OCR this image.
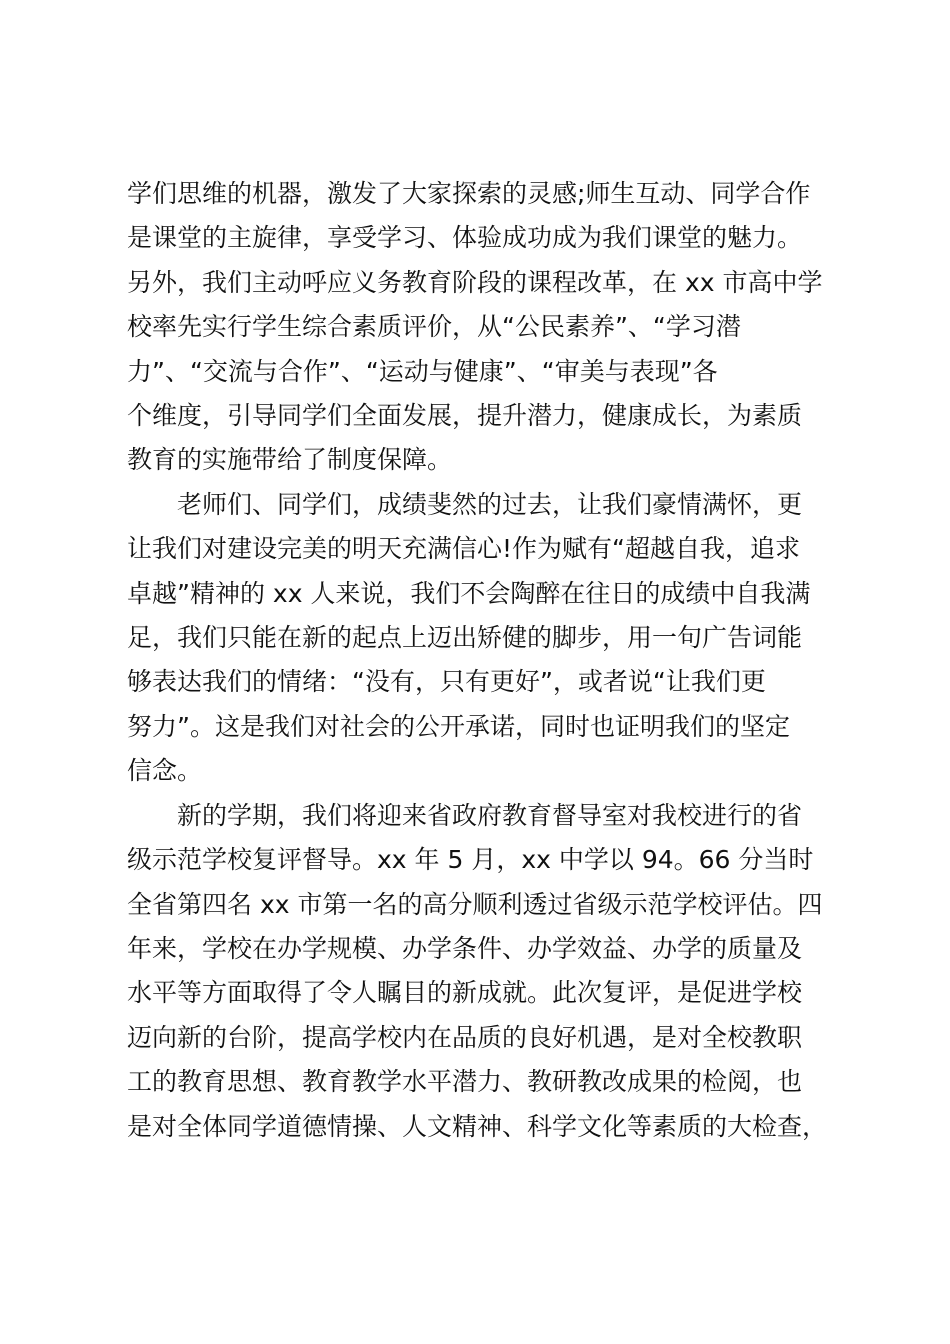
学们思维的机器，激发了大家探索的灵感;师生互动、同学合作
是课堂的主旋律，享受学习、体验成功成为我们课堂的魅力。
另外，我们主动呼应义务教育阶段的课程改革，在 xx 市高中学
校率先实行学生综合素质评价，从“公民素养”、“学习潜
力”、“交流与合作”、“运动与健康”、“审美与表现”各
个维度，引导同学们全面发展，提升潜力，健康成长，为素质
教育的实施带给了制度保障。
老师们、同学们，成绩斐然的过去，让我们豪情满怀，更
让我们对建设完美的明天充满信心!作为赋有“超越自我，追求
卓越”精神的 xx 人来说，我们不会陶醉在往日的成绩中自我满
足，我们只能在新的起点上迈出矫健的脚步，用一句广告词能
够表达我们的情绪：“没有，只有更好”，或者说“让我们更
努力”。这是我们对社会的公开承诺，同时也证明我们的坚定
信念。
新的学期，我们将迎来省政府教育督导室对我校进行的省
级示范学校复评督导。xx 年 5 月，xx 中学以 94。66 分当时
全省第四名 xx 市第一名的高分顺利透过省级示范学校评估。四
年来，学校在办学规模、办学条件、办学效益、办学的质量及
水平等方面取得了令人瞩目的新成就。此次复评，是促进学校
迈向新的台阶，提高学校内在品质的良好机遇，是对全校教职
工的教育思想、教育教学水平潜力、教研教改成果的检阅，也
是对全体同学道德情操、人文精神、科学文化等素质的大检查，
